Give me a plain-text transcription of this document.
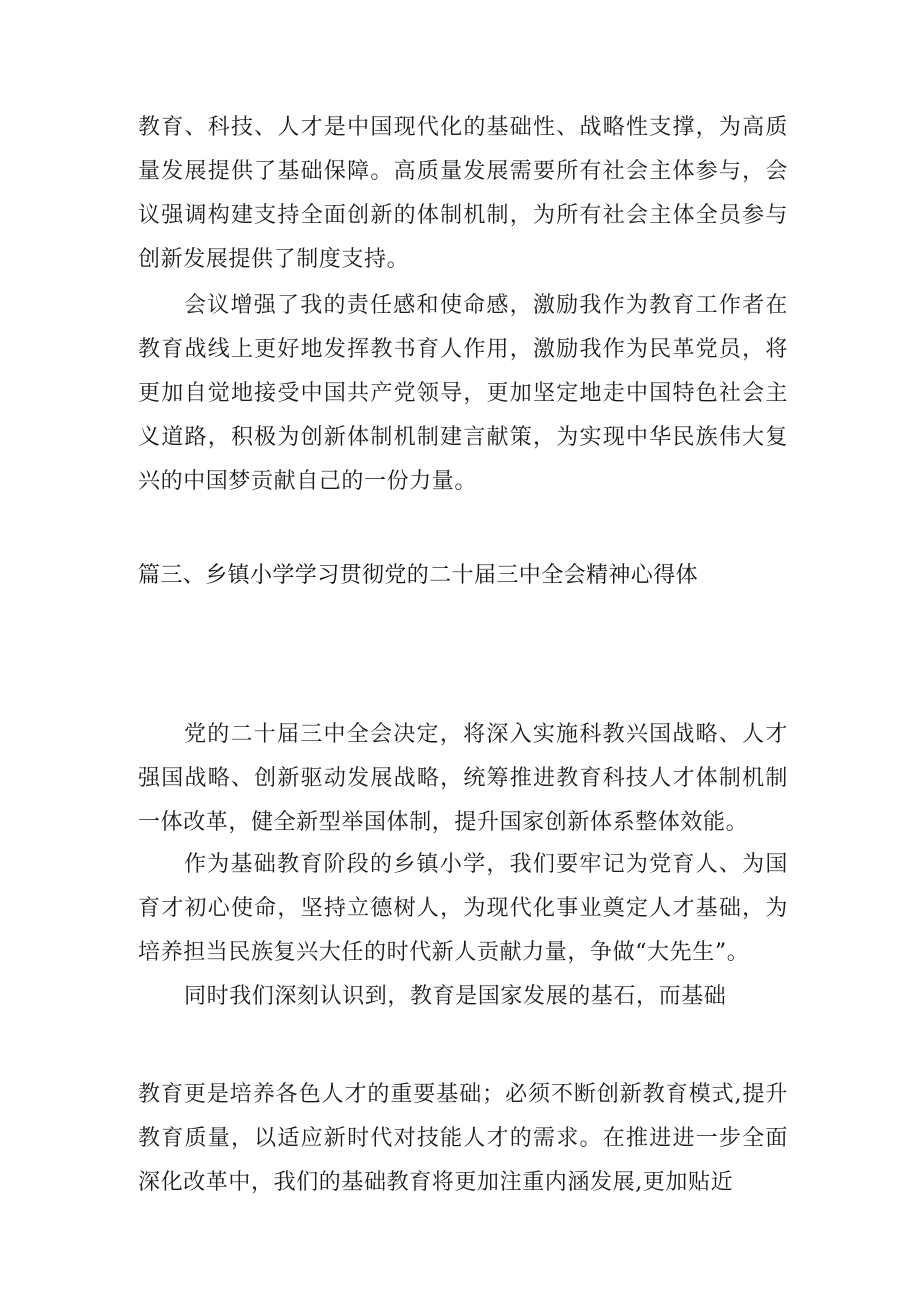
教育、科技、人才是中国现代化的基础性、战略性支撑，为高质量发展提供了基础保障。高质量发展需要所有社会主体参与，会议强调构建支持全面创新的体制机制，为所有社会主体全员参与创新发展提供了制度支持。

会议增强了我的责任感和使命感，激励我作为教育工作者在教育战线上更好地发挥教书育人作用，激励我作为民革党员，将更加自觉地接受中国共产党领导，更加坚定地走中国特色社会主义道路，积极为创新体制机制建言献策，为实现中华民族伟大复兴的中国梦贡献自己的一份力量。

篇三、乡镇小学学习贯彻党的二十届三中全会精神心得体

党的二十届三中全会决定，将深入实施科教兴国战略、人才强国战略、创新驱动发展战略，统筹推进教育科技人才体制机制一体改革，健全新型举国体制，提升国家创新体系整体效能。

作为基础教育阶段的乡镇小学，我们要牢记为党育人、为国育才初心使命，坚持立德树人，为现代化事业奠定人才基础，为培养担当民族复兴大任的时代新人贡献力量，争做“大先生”。

同时我们深刻认识到，教育是国家发展的基石，而基础

教育更是培养各色人才的重要基础；必须不断创新教育模式,提升教育质量，以适应新时代对技能人才的需求。在推进进一步全面深化改革中，我们的基础教育将更加注重内涵发展,更加贴近
